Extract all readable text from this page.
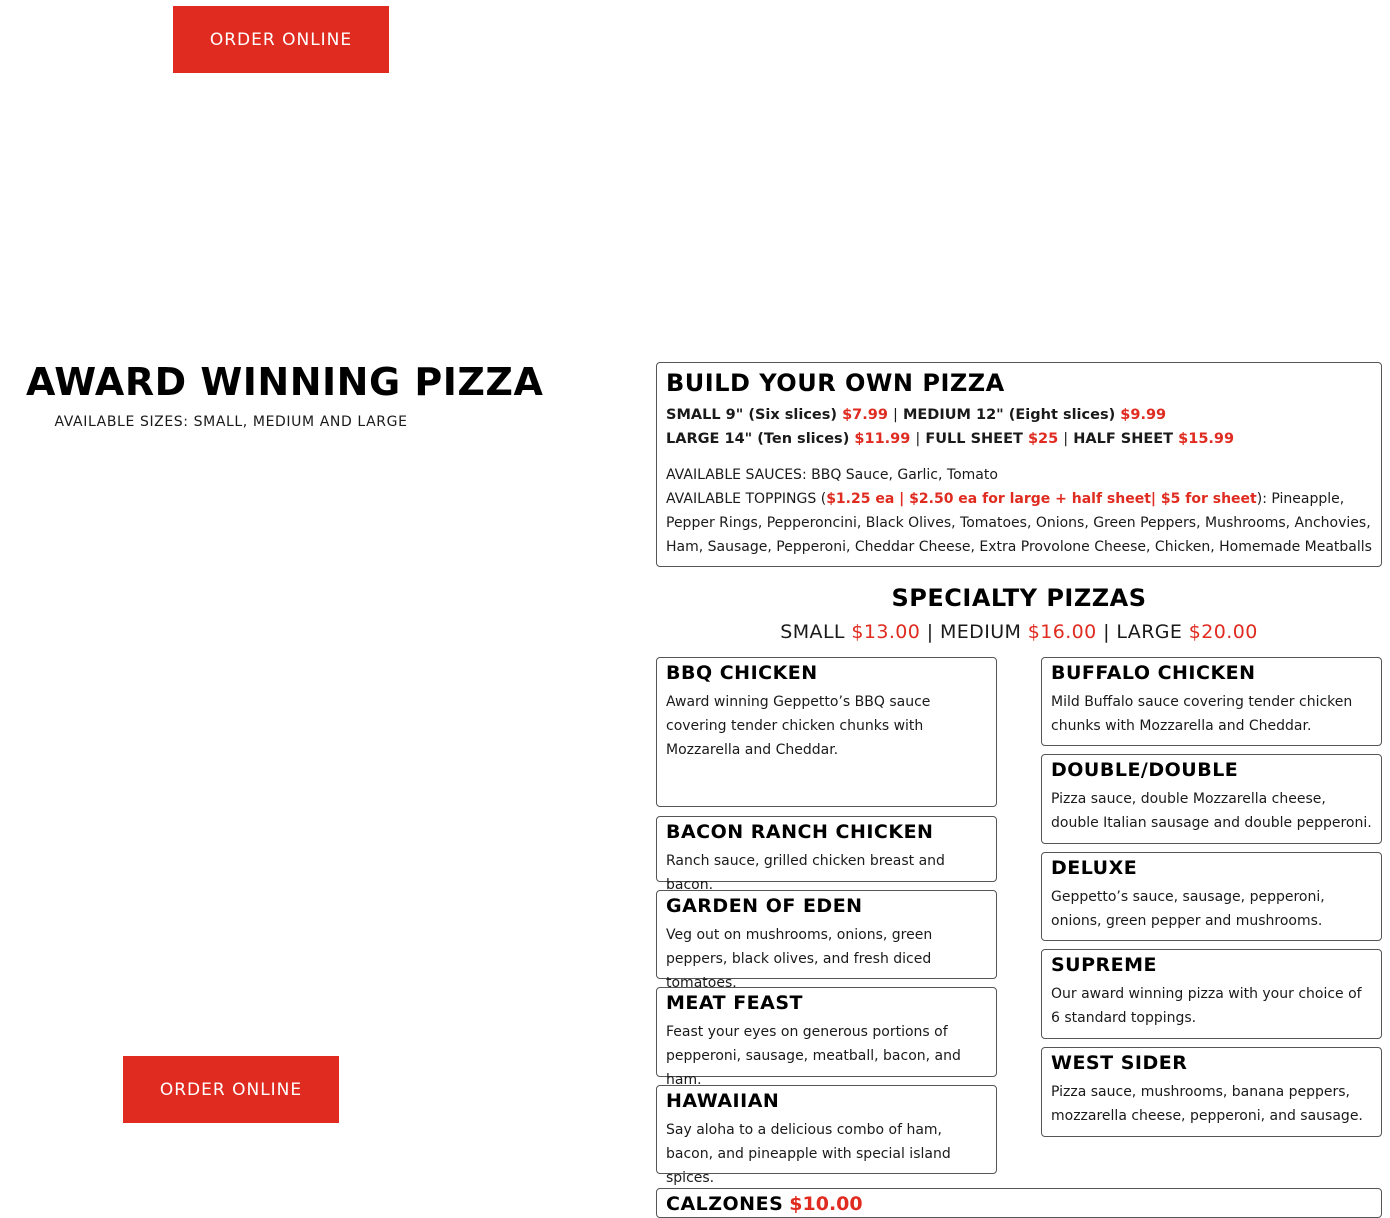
ORDER ONLINE
AWARD WINNING PIZZA
AVAILABLE SIZES: SMALL, MEDIUM AND LARGE
ORDER ONLINE
BUILD YOUR OWN PIZZA
SMALL 9" (Six slices) $7.99 | MEDIUM 12" (Eight slices) $9.99
LARGE 14" (Ten slices) $11.99 | FULL SHEET $25 | HALF SHEET $15.99
AVAILABLE SAUCES: BBQ Sauce, Garlic, Tomato
AVAILABLE TOPPINGS ($1.25 ea | $2.50 ea for large + half sheet| $5 for sheet): Pineapple, Pepper Rings, Pepperoncini, Black Olives, Tomatoes, Onions, Green Peppers, Mushrooms, Anchovies, Ham, Sausage, Pepperoni, Cheddar Cheese, Extra Provolone Cheese, Chicken, Homemade Meatballs
SPECIALTY PIZZAS
SMALL $13.00 | MEDIUM $16.00 | LARGE $20.00
BBQ CHICKEN
Award winning Geppetto’s BBQ sauce covering tender chicken chunks with Mozzarella and Cheddar.
BACON RANCH CHICKEN
Ranch sauce, grilled chicken breast and bacon.
GARDEN OF EDEN
Veg out on mushrooms, onions, green peppers, black olives, and fresh diced tomatoes.
MEAT FEAST
Feast your eyes on generous portions of pepperoni, sausage, meatball, bacon, and ham.
HAWAIIAN
Say aloha to a delicious combo of ham, bacon, and pineapple with special island spices.
BUFFALO CHICKEN
Mild Buffalo sauce covering tender chicken chunks with Mozzarella and Cheddar.
DOUBLE/DOUBLE
Pizza sauce, double Mozzarella cheese, double Italian sausage and double pepperoni.
DELUXE
Geppetto’s sauce, sausage, pepperoni, onions, green pepper and mushrooms.
SUPREME
Our award winning pizza with your choice of 6 standard toppings.
WEST SIDER
Pizza sauce, mushrooms, banana peppers, mozzarella cheese, pepperoni, and sausage.
CALZONES $10.00
